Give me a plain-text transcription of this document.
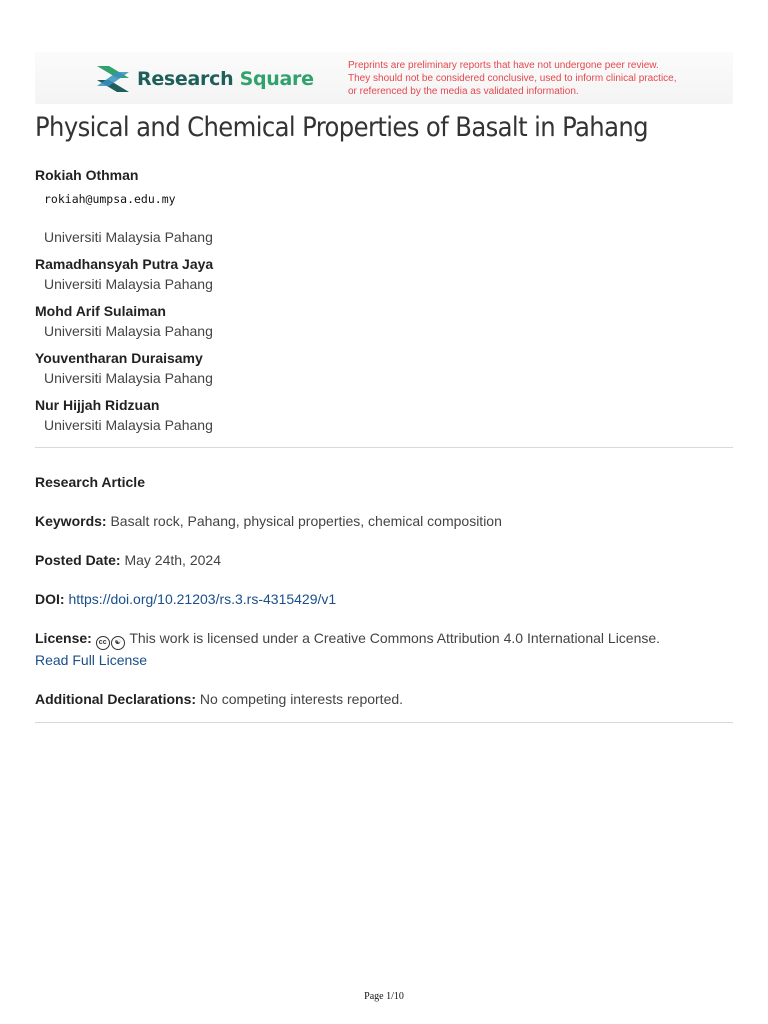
Research Square
Preprints are preliminary reports that have not undergone peer review.
They should not be considered conclusive, used to inform clinical practice,
or referenced by the media as validated information.
Physical and Chemical Properties of Basalt in Pahang
Rokiah Othman
rokiah@umpsa.edu.my
Universiti Malaysia Pahang
Ramadhansyah Putra Jaya
Universiti Malaysia Pahang
Mohd Arif Sulaiman
Universiti Malaysia Pahang
Youventharan Duraisamy
Universiti Malaysia Pahang
Nur Hijjah Ridzuan
Universiti Malaysia Pahang
Research Article
Keywords: Basalt rock, Pahang, physical properties, chemical composition
Posted Date: May 24th, 2024
DOI: https://doi.org/10.21203/rs.3.rs-4315429/v1
License: cc ☯ This work is licensed under a Creative Commons Attribution 4.0 International License.
Read Full License
Additional Declarations: No competing interests reported.
Page 1/10
